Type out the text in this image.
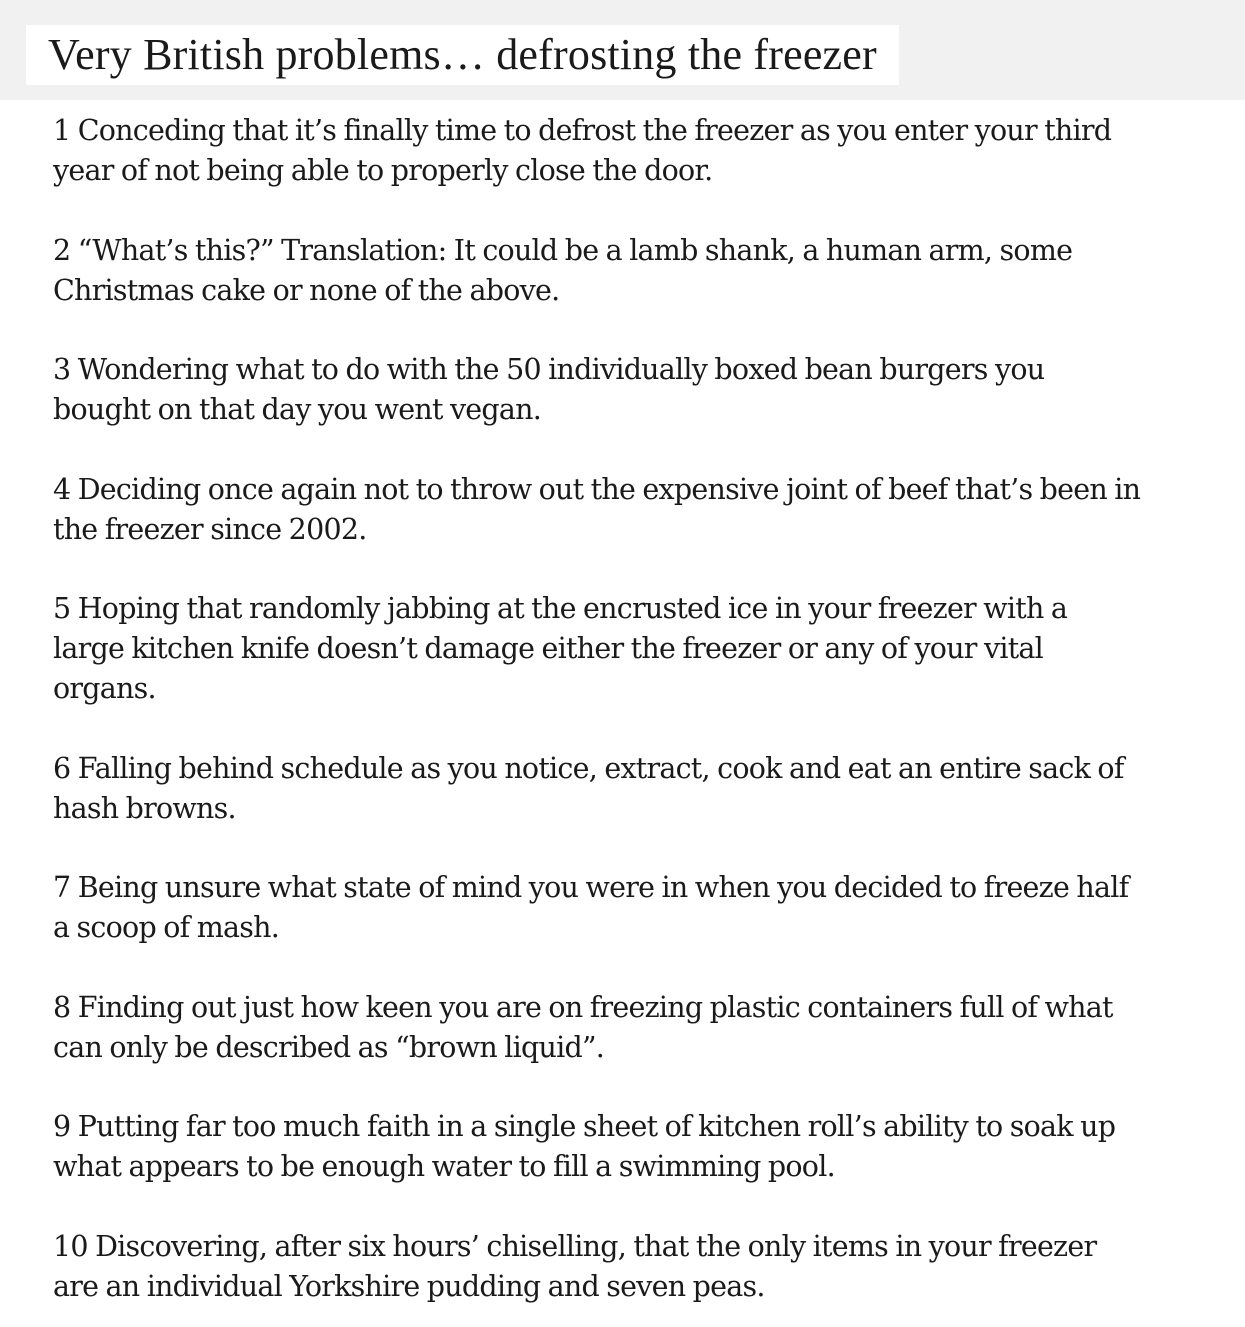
Very British problems… defrosting the freezer
1 Conceding that it’s finally time to defrost the freezer as you enter your third year of not being able to properly close the door.
2 “What’s this?” Translation: It could be a lamb shank, a human arm, some Christmas cake or none of the above.
3 Wondering what to do with the 50 individually boxed bean burgers you bought on that day you went vegan.
4 Deciding once again not to throw out the expensive joint of beef that’s been in the freezer since 2002.
5 Hoping that randomly jabbing at the encrusted ice in your freezer with a large kitchen knife doesn’t damage either the freezer or any of your vital organs.
6 Falling behind schedule as you notice, extract, cook and eat an entire sack of hash browns.
7 Being unsure what state of mind you were in when you decided to freeze half a scoop of mash.
8 Finding out just how keen you are on freezing plastic containers full of what can only be described as “brown liquid”.
9 Putting far too much faith in a single sheet of kitchen roll’s ability to soak up what appears to be enough water to fill a swimming pool.
10 Discovering, after six hours’ chiselling, that the only items in your freezer are an individual Yorkshire pudding and seven peas.
